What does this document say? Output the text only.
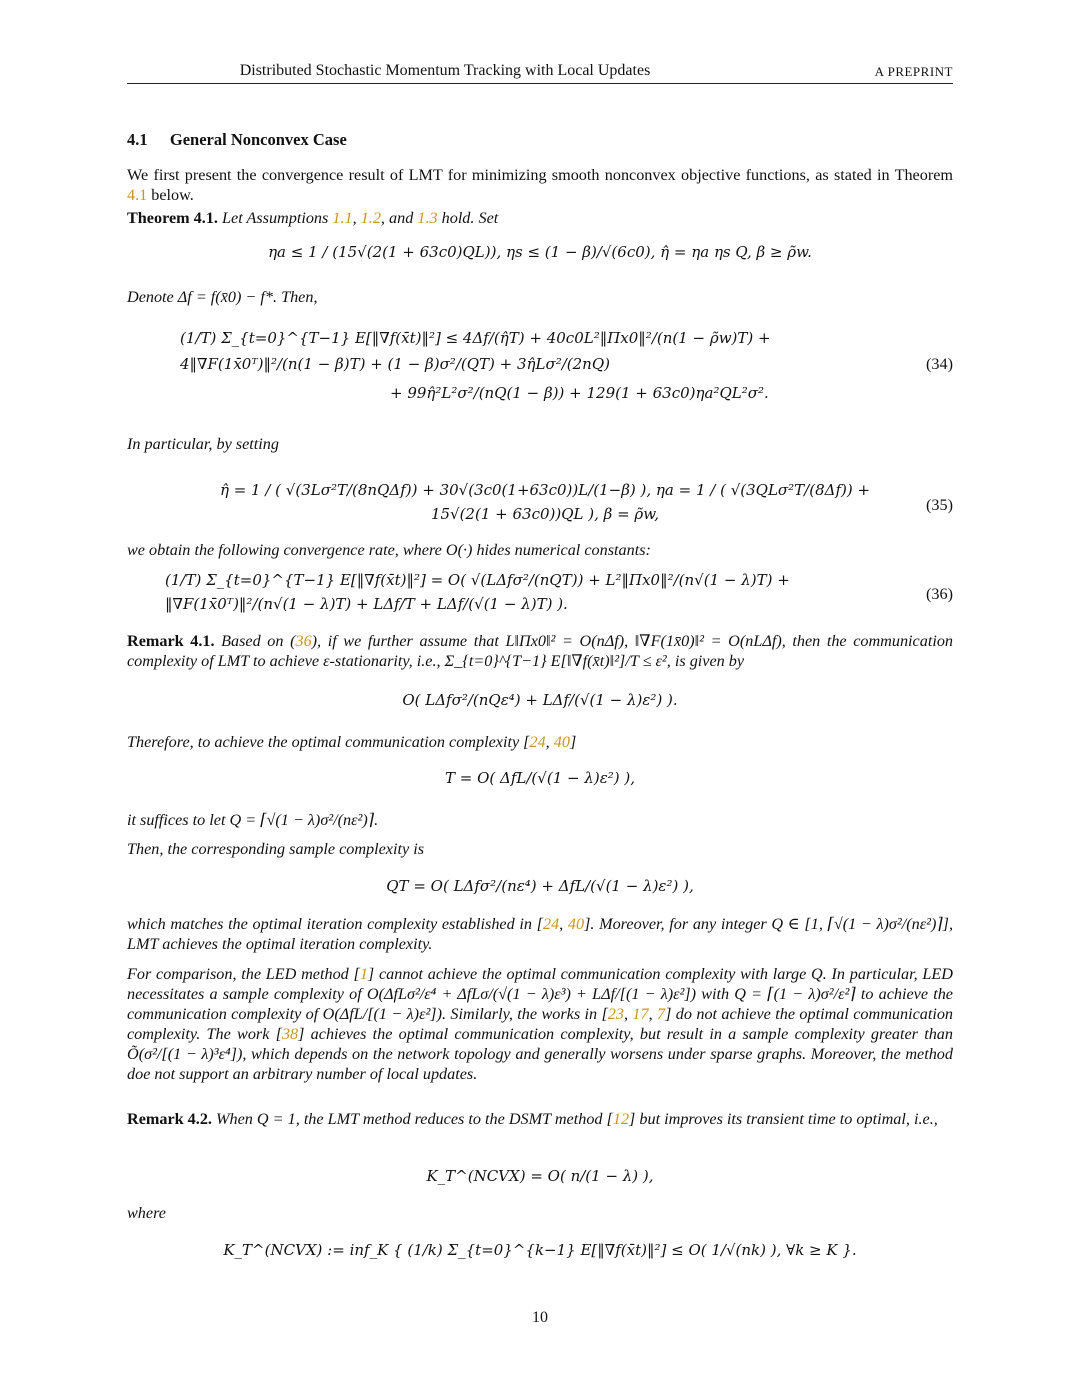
Distributed Stochastic Momentum Tracking with Local Updates	A PREPRINT
4.1 General Nonconvex Case
We first present the convergence result of LMT for minimizing smooth nonconvex objective functions, as stated in Theorem 4.1 below.
Theorem 4.1. Let Assumptions 1.1, 1.2, and 1.3 hold. Set
ηa ≤ 1 / (15√(2(1 + 63c0)QL)), ηs ≤ (1 − β)/√(6c0), η̂ = ηa ηs Q, β ≥ ρ̃w.
Denote Δf = f(x̄0) − f*. Then,
(1/T) Σ_{t=0}^{T−1} E[‖∇f(x̄t)‖²] ≤ 4Δf/(η̂T) + 40c0L²‖Πx0‖²/(n(1 − ρ̃w)T) + 4‖∇F(1x̄0ᵀ)‖²/(n(1 − β)T) + (1 − β)σ²/(QT) + 3η̂Lσ²/(2nQ)
+ 99η̂²L²σ²/(nQ(1 − β)) + 129(1 + 63c0)ηa²QL²σ².
(34)
In particular, by setting
η̂ = 1 / ( √(3Lσ²T/(8nQΔf)) + 30√(3c0(1+63c0))L/(1−β) ), ηa = 1 / ( √(3QLσ²T/(8Δf)) + 15√(2(1 + 63c0))QL ), β = ρ̃w,	(35)
we obtain the following convergence rate, where O(·) hides numerical constants:
(1/T) Σ_{t=0}^{T−1} E[‖∇f(x̄t)‖²] = O( √(LΔfσ²/(nQT)) + L²‖Πx0‖²/(n√(1 − λ)T) + ‖∇F(1x̄0ᵀ)‖²/(n√(1 − λ)T) + LΔf/T + LΔf/(√(1 − λ)T) ).
(36)
Remark 4.1. Based on (36), if we further assume that L‖Πx0‖² = O(nΔf), ‖∇F(1x̄0)‖² = O(nLΔf), then the communication complexity of LMT to achieve ε-stationarity, i.e., Σ_{t=0}^{T−1} E[‖∇f(x̄t)‖²]/T ≤ ε², is given by
O( LΔfσ²/(nQε⁴) + LΔf/(√(1 − λ)ε²) ).
Therefore, to achieve the optimal communication complexity [24, 40]
T = O( ΔfL/(√(1 − λ)ε²) ),
it suffices to let Q = ⌈√(1 − λ)σ²/(nε²)⌉.
Then, the corresponding sample complexity is
QT = O( LΔfσ²/(nε⁴) + ΔfL/(√(1 − λ)ε²) ),
which matches the optimal iteration complexity established in [24, 40]. Moreover, for any integer Q ∈ [1, ⌈√(1 − λ)σ²/(nε²)⌉], LMT achieves the optimal iteration complexity.
For comparison, the LED method [1] cannot achieve the optimal communication complexity with large Q. In particular, LED necessitates a sample complexity of O(ΔfLσ²/ε⁴ + ΔfLσ/(√(1 − λ)ε³) + LΔf/[(1 − λ)ε²]) with Q = ⌈(1 − λ)σ²/ε²⌉ to achieve the communication complexity of O(ΔfL/[(1 − λ)ε²]). Similarly, the works in [23, 17, 7] do not achieve the optimal communication complexity. The work [38] achieves the optimal communication complexity, but result in a sample complexity greater than Õ(σ²/[(1 − λ)³ε⁴]), which depends on the network topology and generally worsens under sparse graphs. Moreover, the method doe not support an arbitrary number of local updates.
Remark 4.2. When Q = 1, the LMT method reduces to the DSMT method [12] but improves its transient time to optimal, i.e.,
K_T^(NCVX) = O( n/(1 − λ) ),
where
K_T^(NCVX) := inf_K { (1/k) Σ_{t=0}^{k−1} E[‖∇f(x̄t)‖²] ≤ O( 1/√(nk) ), ∀k ≥ K }.
10
